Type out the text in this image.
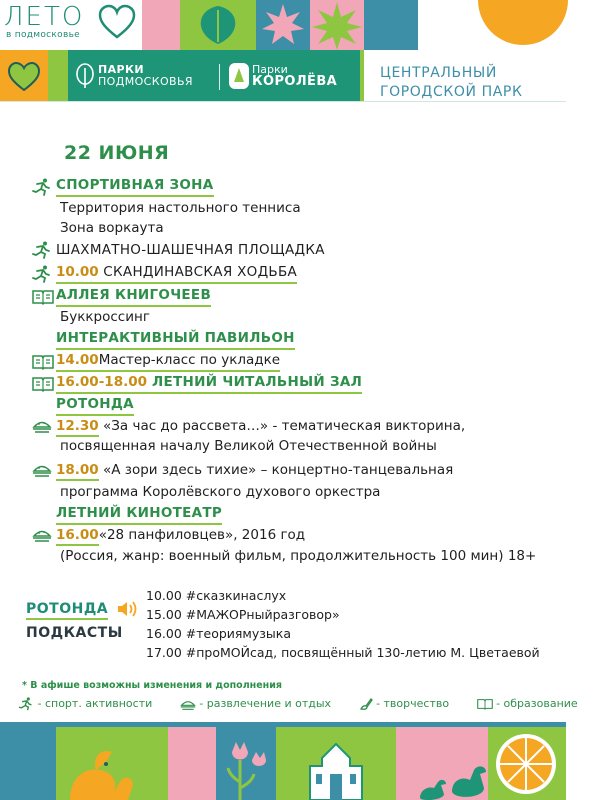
ЛЕТО
в подмосковье
ПАРКИ
ПОДМОСКОВЬЯ
Парки
КОРОЛЁВА
ЦЕНТРАЛЬНЫЙ
ГОРОДСКОЙ ПАРК
22 ИЮНЯ
СПОРТИВНАЯ ЗОНА
Территория настольного тенниса
Зона воркаута
ШАХМАТНО-ШАШЕЧНАЯ ПЛОЩАДКА
10.00 СКАНДИНАВСКАЯ ХОДЬБА
АЛЛЕЯ КНИГОЧЕЕВ
Буккроссинг
ИНТЕРАКТИВНЫЙ ПАВИЛЬОН
14.00Мастер-класс по укладке
16.00-18.00 ЛЕТНИЙ ЧИТАЛЬНЫЙ ЗАЛ
РОТОНДА
12.30 «За час до рассвета…» - тематическая викторина,
посвященная началу Великой Отечественной войны
18.00 «А зори здесь тихие» – концертно-танцевальная
программа Королёвского духового оркестра
ЛЕТНИЙ КИНОТЕАТР
16.00«28 панфиловцев», 2016 год
(Россия, жанр: военный фильм, продолжительность 100 мин) 18+
РОТОНДА
ПОДКАСТЫ
10.00 #сказкинаслух
15.00 #МАЖОРныйразговор»
16.00 #теориямузыка
17.00 #проМОЙсад, посвящённый 130-летию М. Цветаевой
* В афише возможны изменения и дополнения
- спорт. активности	- развлечение и отдых	- творчество	- образование
